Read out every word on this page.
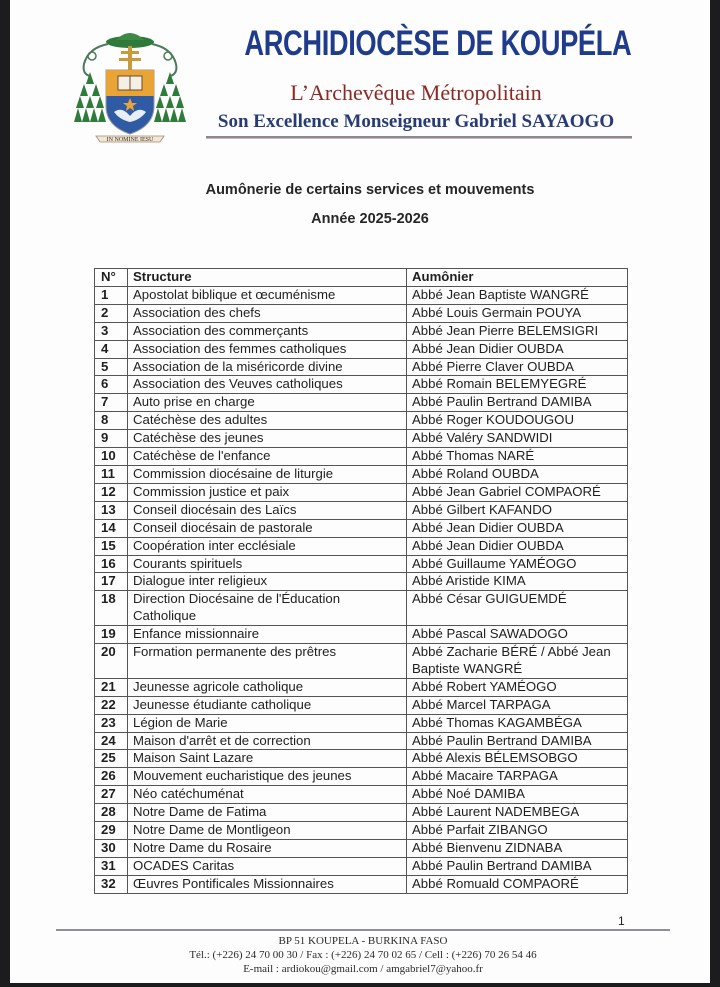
IN NOMINE IESU
ARCHIDIOCÈSE DE KOUPÉLA
L’Archevêque Métropolitain
Son Excellence Monseigneur Gabriel SAYAOGO
Aumônerie de certains services et mouvements
Année 2025-2026
N°	Structure	Aumônier
1	Apostolat biblique et œcuménisme	Abbé Jean Baptiste WANGRÉ
2	Association des chefs	Abbé Louis Germain POUYA
3	Association des commerçants	Abbé Jean Pierre BELEMSIGRI
4	Association des femmes catholiques	Abbé Jean Didier OUBDA
5	Association de la miséricorde divine	Abbé Pierre Claver OUBDA
6	Association des Veuves catholiques	Abbé Romain BELEMYEGRÉ
7	Auto prise en charge	Abbé Paulin Bertrand DAMIBA
8	Catéchèse des adultes	Abbé Roger KOUDOUGOU
9	Catéchèse des jeunes	Abbé Valéry SANDWIDI
10	Catéchèse de l'enfance	Abbé Thomas NARÉ
11	Commission diocésaine de liturgie	Abbé Roland OUBDA
12	Commission justice et paix	Abbé Jean Gabriel COMPAORÉ
13	Conseil diocésain des Laïcs	Abbé Gilbert KAFANDO
14	Conseil diocésain de pastorale	Abbé Jean Didier OUBDA
15	Coopération inter ecclésiale	Abbé Jean Didier OUBDA
16	Courants spirituels	Abbé Guillaume YAMÉOGO
17	Dialogue inter religieux	Abbé Aristide KIMA
18	Direction Diocésaine de l'Éducation Catholique	Abbé César GUIGUEMDÉ
19	Enfance missionnaire	Abbé Pascal SAWADOGO
20	Formation permanente des prêtres	Abbé Zacharie BÉRÉ / Abbé Jean Baptiste WANGRÉ
21	Jeunesse agricole catholique	Abbé Robert YAMÉOGO
22	Jeunesse étudiante catholique	Abbé Marcel TARPAGA
23	Légion de Marie	Abbé Thomas KAGAMBÉGA
24	Maison d'arrêt et de correction	Abbé Paulin Bertrand DAMIBA
25	Maison Saint Lazare	Abbé Alexis BÉLEMSOBGO
26	Mouvement eucharistique des jeunes	Abbé Macaire TARPAGA
27	Néo catéchuménat	Abbé Noé DAMIBA
28	Notre Dame de Fatima	Abbé Laurent NADEMBEGA
29	Notre Dame de Montligeon	Abbé Parfait ZIBANGO
30	Notre Dame du Rosaire	Abbé Bienvenu ZIDNABA
31	OCADES Caritas	Abbé Paulin Bertrand DAMIBA
32	Œuvres Pontificales Missionnaires	Abbé Romuald COMPAORÉ
1
BP 51 KOUPELA - BURKINA FASO
Tél.: (+226) 24 70 00 30 / Fax : (+226) 24 70 02 65 / Cell : (+226) 70 26 54 46
E-mail : ardiokou@gmail.com / amgabriel7@yahoo.fr
